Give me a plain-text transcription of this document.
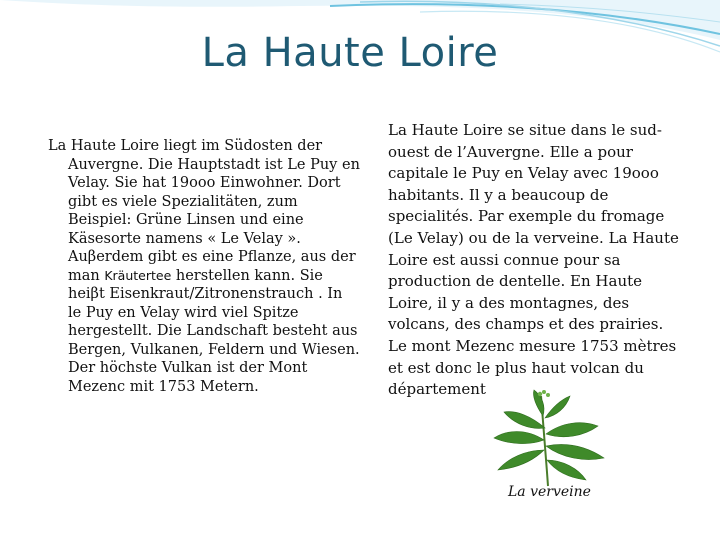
La Haute Loire

La Haute Loire liegt im Südosten der Auvergne. Die Hauptstadt ist Le Puy en Velay. Sie hat 19ooo Einwohner. Dort gibt es viele Spezialitäten, zum Beispiel: Grüne Linsen und eine Käsesorte namens « Le Velay ». Auβerdem gibt es eine Pflanze, aus der man Kräutertee herstellen kann. Sie heiβt Eisenkraut/Zitronenstrauch . In le Puy en Velay wird viel Spitze hergestellt. Die Landschaft besteht aus Bergen, Vulkanen, Feldern und Wiesen. Der höchste Vulkan ist der Mont Mezenc mit 1753 Metern.

La Haute Loire se situe dans le sud-ouest de l’Auvergne. Elle a pour capitale le Puy en Velay avec 19ooo habitants. Il y a beaucoup de specialités. Par exemple du fromage (Le Velay) ou de la verveine. La Haute Loire est aussi connue pour sa production de dentelle. En Haute Loire, il y a des montagnes, des volcans, des champs et des prairies. Le mont Mezenc mesure 1753 mètres et est donc le plus haut volcan du département

La verveine
